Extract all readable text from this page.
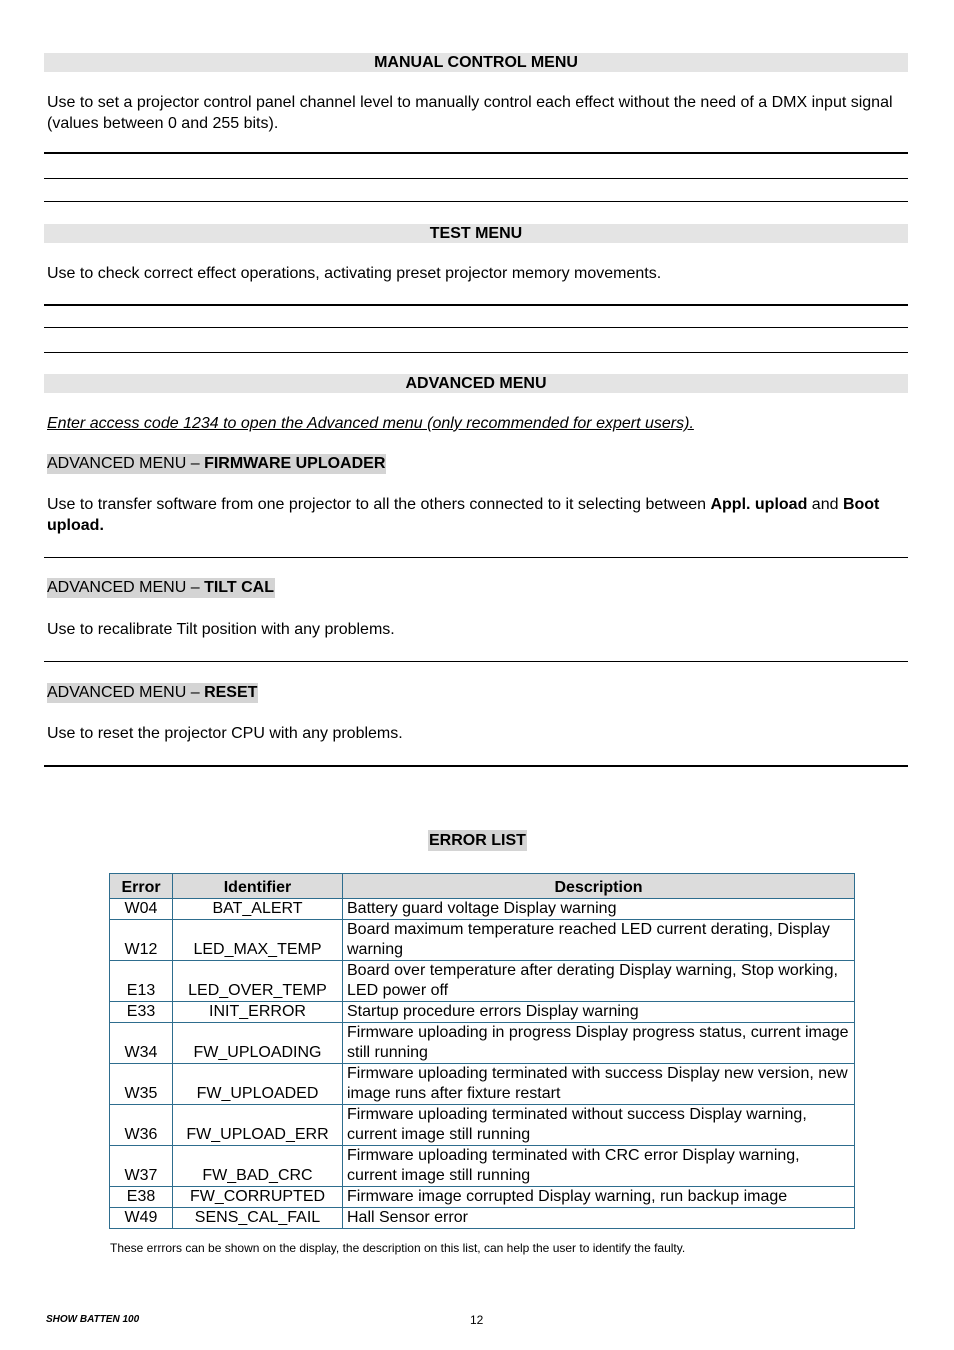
MANUAL CONTROL MENU

Use to set a projector control panel channel level to manually control each effect without the need of a DMX input signal (values between 0 and 255 bits).

TEST MENU

Use to check correct effect operations, activating preset projector memory movements.

ADVANCED MENU

Enter access code 1234 to open the Advanced menu (only recommended for expert users).

ADVANCED MENU – FIRMWARE UPLOADER

Use to transfer software from one projector to all the others connected to it selecting between Appl. upload and Boot upload.

ADVANCED MENU – TILT CAL

Use to recalibrate Tilt position with any problems.

ADVANCED MENU – RESET

Use to reset the projector CPU with any problems.

ERROR LIST
Error	Identifier	Description
W04	BAT_ALERT	Battery guard voltage Display warning
W12	LED_MAX_TEMP	Board maximum temperature reached LED current derating, Display warning
E13	LED_OVER_TEMP	Board over temperature after derating Display warning, Stop working, LED power off
E33	INIT_ERROR	Startup procedure errors Display warning
W34	FW_UPLOADING	Firmware uploading in progress Display progress status, current image still running
W35	FW_UPLOADED	Firmware uploading terminated with success Display new version, new image runs after fixture restart
W36	FW_UPLOAD_ERR	Firmware uploading terminated without success Display warning, current image still running
W37	FW_BAD_CRC	Firmware uploading terminated with CRC error Display warning, current image still running
E38	FW_CORRUPTED	Firmware image corrupted Display warning, run backup image
W49	SENS_CAL_FAIL	Hall Sensor error
These errrors can be shown on the display, the description on this list, can help the user to identify the faulty.
SHOW BATTEN 100	12
